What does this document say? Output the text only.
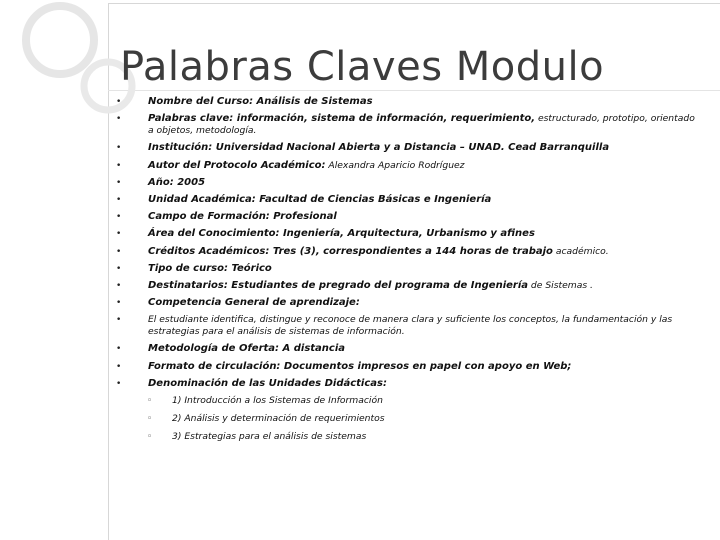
Palabras Claves Modulo
•	Nombre del Curso: Análisis de Sistemas
•	Palabras clave: información, sistema de información, requerimiento, estructurado, prototipo, orientado a objetos, metodología.
•	Institución: Universidad Nacional Abierta y a Distancia – UNAD. Cead Barranquilla
•	Autor del Protocolo Académico: Alexandra Aparicio Rodríguez
•	Año: 2005
•	Unidad Académica: Facultad de Ciencias Básicas e Ingeniería
•	Campo de Formación: Profesional
•	Área del Conocimiento: Ingeniería, Arquitectura, Urbanismo y afines
•	Créditos Académicos: Tres (3), correspondientes a 144 horas de trabajo académico.
•	Tipo de curso: Teórico
•	Destinatarios: Estudiantes de pregrado del programa de Ingeniería de Sistemas .
•	Competencia General de aprendizaje:
•	El estudiante identifica, distingue y reconoce de manera clara y suficiente los conceptos, la fundamentación y las estrategias para el análisis de sistemas de información.
•	Metodología de Oferta: A distancia
•	Formato de circulación: Documentos impresos en papel con apoyo en Web;
•	Denominación de las Unidades Didácticas:
◦ 1) Introducción a los Sistemas de Información
◦ 2) Análisis y determinación de requerimientos
◦ 3) Estrategias para el análisis de sistemas
